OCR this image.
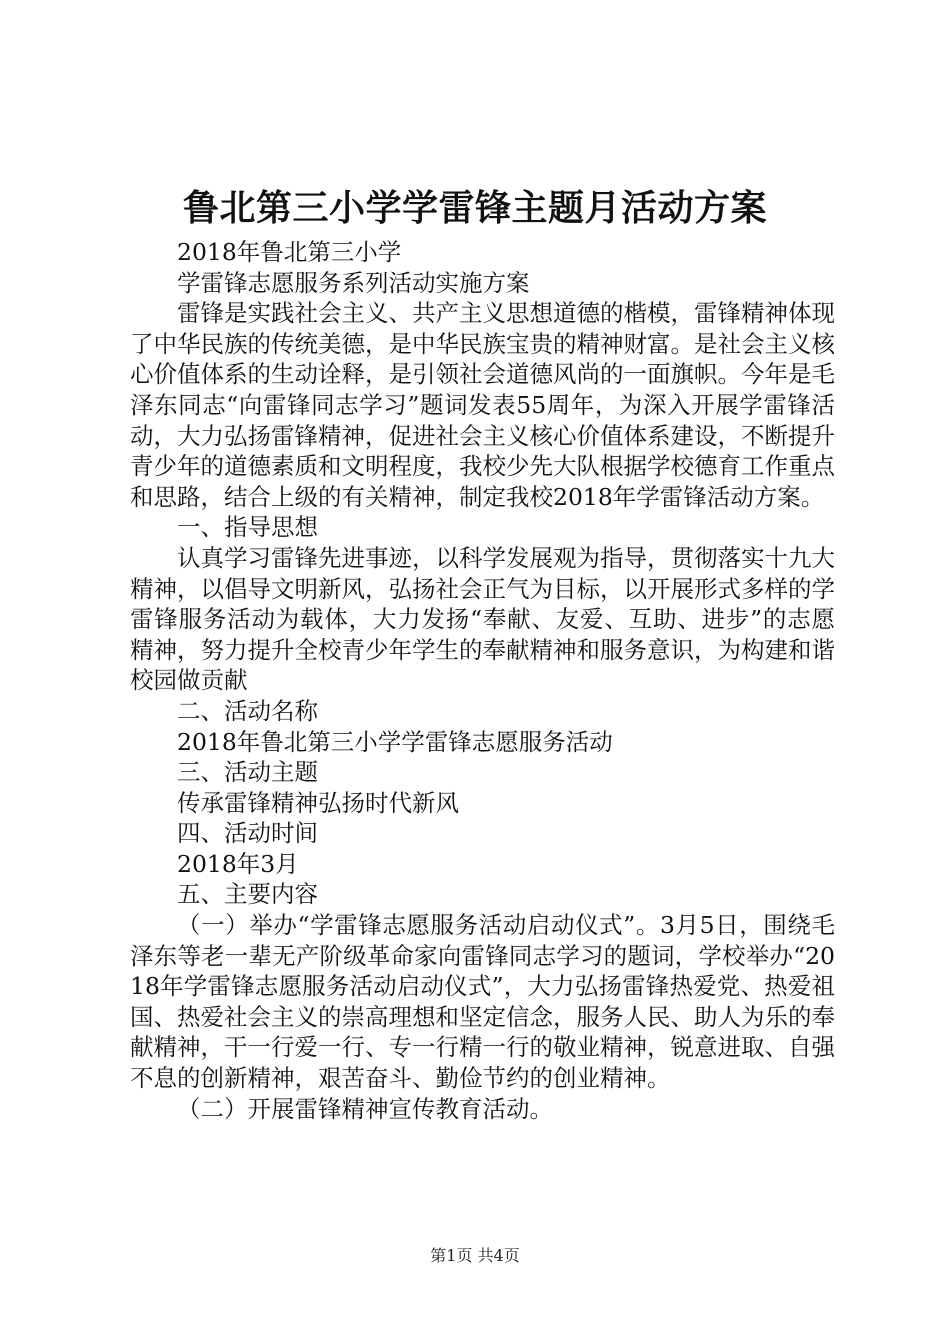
鲁北第三小学学雷锋主题月活动方案

2018年鲁北第三小学

学雷锋志愿服务系列活动实施方案

雷锋是实践社会主义、共产主义思想道德的楷模，雷锋精神体现了中华民族的传统美德，是中华民族宝贵的精神财富。是社会主义核心价值体系的生动诠释，是引领社会道德风尚的一面旗帜。今年是毛泽东同志“向雷锋同志学习”题词发表55周年，为深入开展学雷锋活动，大力弘扬雷锋精神，促进社会主义核心价值体系建设，不断提升青少年的道德素质和文明程度，我校少先大队根据学校德育工作重点和思路，结合上级的有关精神，制定我校2018年学雷锋活动方案。

一、指导思想

认真学习雷锋先进事迹，以科学发展观为指导，贯彻落实十九大精神，以倡导文明新风，弘扬社会正气为目标，以开展形式多样的学雷锋服务活动为载体，大力发扬“奉献、友爱、互助、进步”的志愿精神，努力提升全校青少年学生的奉献精神和服务意识，为构建和谐校园做贡献

二、活动名称

2018年鲁北第三小学学雷锋志愿服务活动

三、活动主题

传承雷锋精神弘扬时代新风

四、活动时间

2018年3月

五、主要内容

（一）举办“学雷锋志愿服务活动启动仪式”。3月5日，围绕毛泽东等老一辈无产阶级革命家向雷锋同志学习的题词，学校举办“2018年学雷锋志愿服务活动启动仪式”，大力弘扬雷锋热爱党、热爱祖国、热爱社会主义的崇高理想和坚定信念，服务人民、助人为乐的奉献精神，干一行爱一行、专一行精一行的敬业精神，锐意进取、自强不息的创新精神，艰苦奋斗、勤俭节约的创业精神。

（二）开展雷锋精神宣传教育活动。

第1页 共4页
